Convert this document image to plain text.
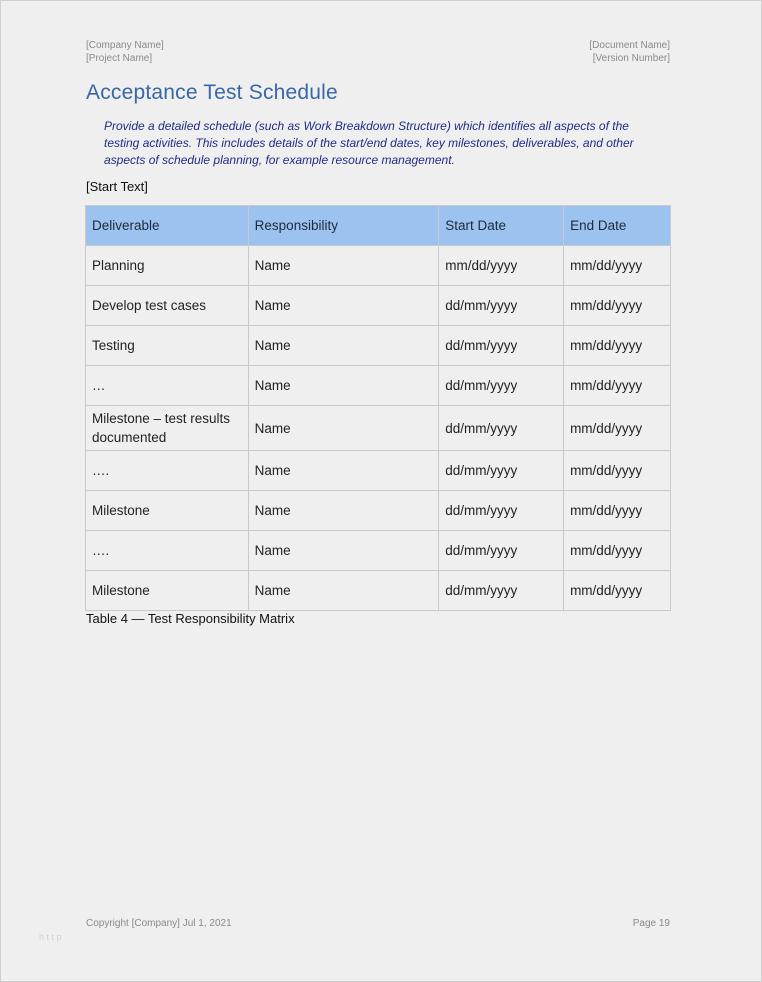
[Company Name]
[Project Name]
[Document Name]
[Version Number]
Acceptance Test Schedule
Provide a detailed schedule (such as Work Breakdown Structure) which identifies all aspects of the testing activities. This includes details of the start/end dates, key milestones, deliverables, and other aspects of schedule planning, for example resource management.
[Start Text]
Deliverable	Responsibility	Start Date	End Date
Planning	Name	mm/dd/yyyy	mm/dd/yyyy
Develop test cases	Name	dd/mm/yyyy	mm/dd/yyyy
Testing	Name	dd/mm/yyyy	mm/dd/yyyy
…	Name	dd/mm/yyyy	mm/dd/yyyy
Milestone – test results documented	Name	dd/mm/yyyy	mm/dd/yyyy
….	Name	dd/mm/yyyy	mm/dd/yyyy
Milestone	Name	dd/mm/yyyy	mm/dd/yyyy
….	Name	dd/mm/yyyy	mm/dd/yyyy
Milestone	Name	dd/mm/yyyy	mm/dd/yyyy
Table 4 — Test Responsibility Matrix
Copyright [Company] Jul 1, 2021	Page 19
h t t p
